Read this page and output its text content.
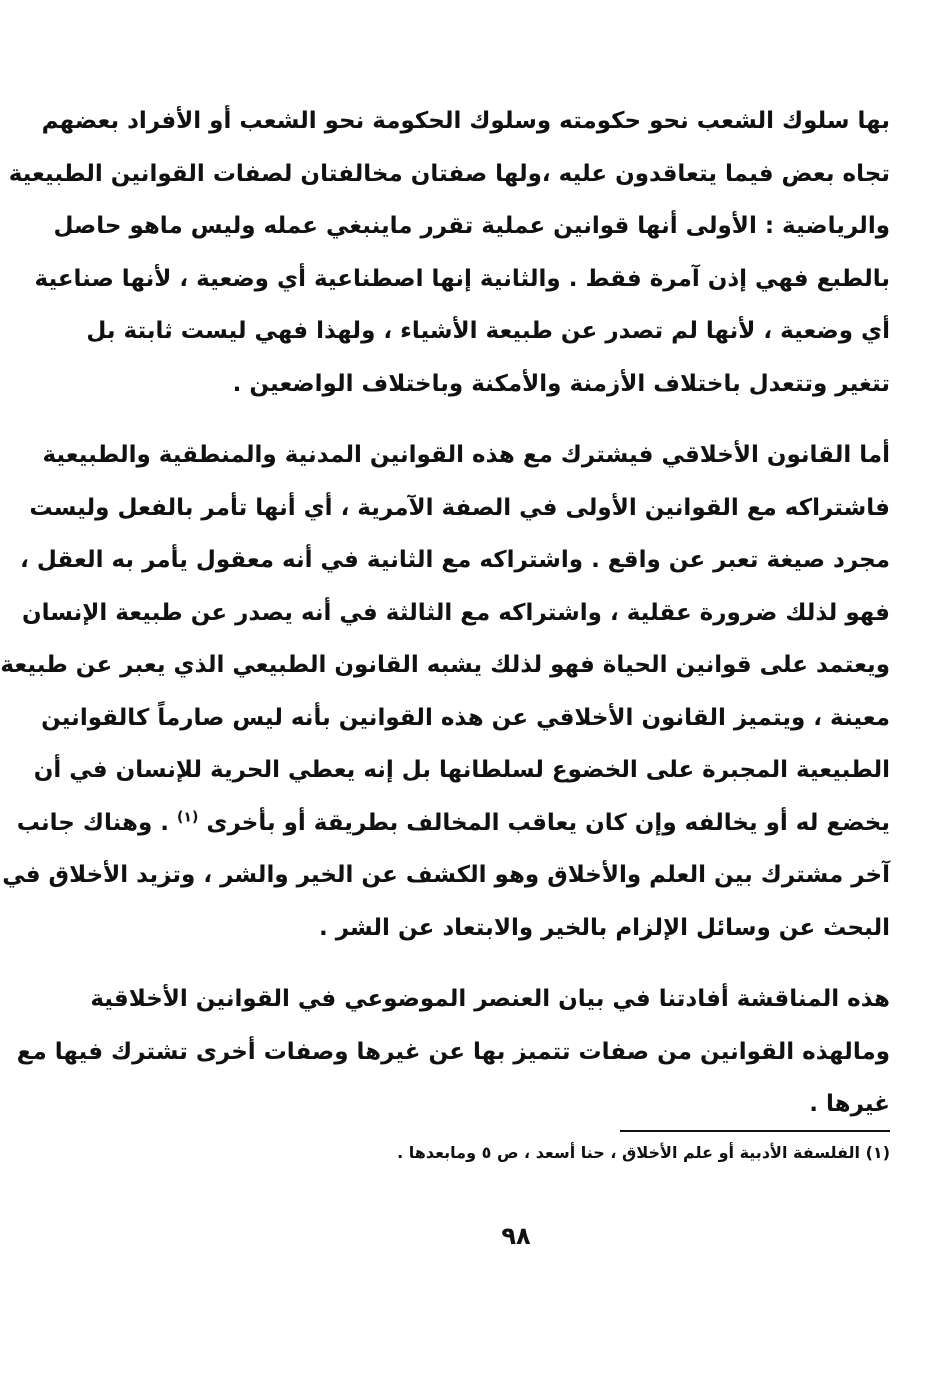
بها سلوك الشعب نحو حكومته وسلوك الحكومة نحو الشعب أو الأفراد بعضهم
تجاه بعض فيما يتعاقدون عليه ،ولها صفتان مخالفتان لصفات القوانين الطبيعية
والرياضية : الأولى أنها قوانين عملية تقرر ماينبغي عمله وليس ماهو حاصل
بالطبع فهي إذن آمرة فقط . والثانية إنها اصطناعية أي وضعية ، لأنها صناعية
أي وضعية ، لأنها لم تصدر عن طبيعة الأشياء ، ولهذا فهي ليست ثابتة بل
تتغير وتتعدل باختلاف الأزمنة والأمكنة وباختلاف الواضعين .

أما القانون الأخلاقي فيشترك مع هذه القوانين المدنية والمنطقية والطبيعية
فاشتراكه مع القوانين الأولى في الصفة الآمرية ، أي أنها تأمر بالفعل وليست
مجرد صيغة تعبر عن واقع . واشتراكه مع الثانية في أنه معقول يأمر به العقل ،
فهو لذلك ضرورة عقلية ، واشتراكه مع الثالثة في أنه يصدر عن طبيعة الإنسان
ويعتمد على قوانين الحياة فهو لذلك يشبه القانون الطبيعي الذي يعبر عن طبيعة
معينة ، ويتميز القانون الأخلاقي عن هذه القوانين بأنه ليس صارماً كالقوانين
الطبيعية المجبرة على الخضوع لسلطانها بل إنه يعطي الحرية للإنسان في أن
يخضع له أو يخالفه وإن كان يعاقب المخالف بطريقة أو بأخرى $^{(١)}$ . وهناك جانب
آخر مشترك بين العلم والأخلاق وهو الكشف عن الخير والشر ، وتزيد الأخلاق في
البحث عن وسائل الإلزام بالخير والابتعاد عن الشر .

هذه المناقشة أفادتنا في بيان العنصر الموضوعي في القوانين الأخلاقية
ومالهذه القوانين من صفات تتميز بها عن غيرها وصفات أخرى تشترك فيها مع
غيرها .

(١) الفلسفة الأدبية أو علم الأخلاق ، حنا أسعد ، ص ٥ ومابعدها .
٩٨
